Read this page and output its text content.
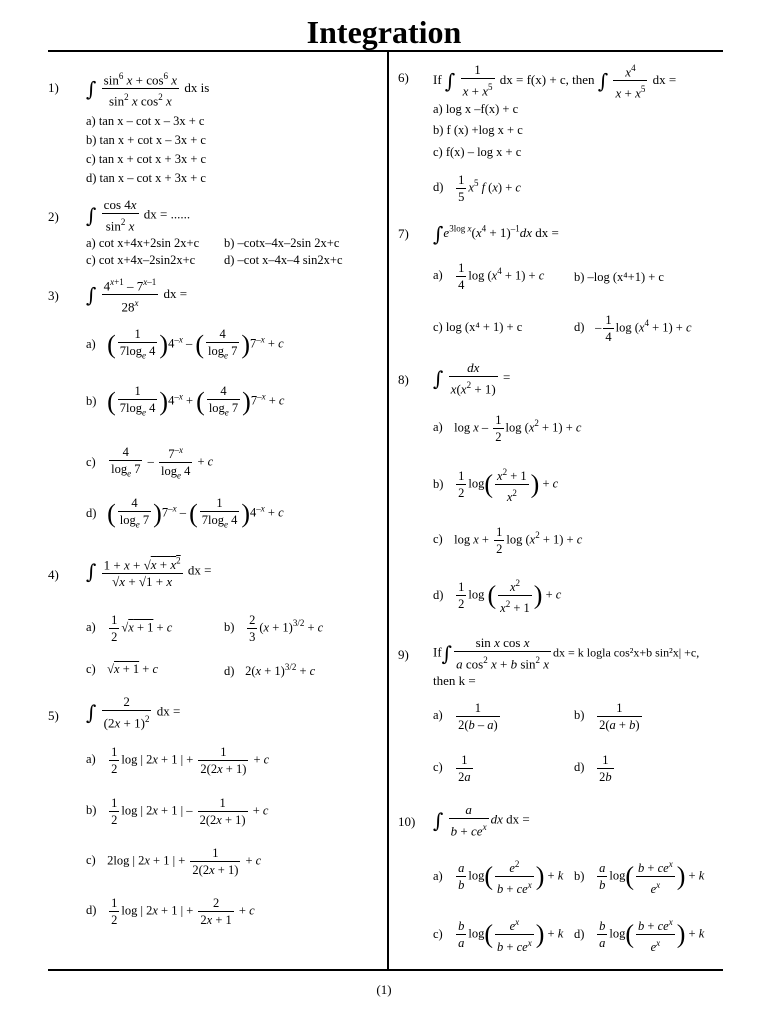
Integration
1) ∫ $\frac{\sin^6 x + \cos^6 x}{\sin^2 x \cos^2 x}$ dx is
a) tan x – cot x – 3x + c
b) tan x + cot x – 3x + c
c) tan x + cot x + 3x + c
d) tan x – cot x + 3x + c
2) ∫ $\frac{\cos 4x}{\sin^2 x}$ dx = ......
a) cot x+4x+2sin 2x+c b) –cotx–4x–2sin 2x+c
c) cot x+4x–2sin2x+c d) –cot x–4x–4 sin2x+c
3) ∫ $\frac{4^{x+1} - 7^{x-1}}{28^x}$ dx =
a) ( $\frac{1}{7\log_e 4} )4^{-x}$ – ( $\frac{4}{\log_e 7} )7^{-x} + c$
b) ( $\frac{1}{7\log_e 4} )4^{-x}$ + ( $\frac{4}{\log_e 7} )7^{-x} + c$
$c) \frac{4}{\log_e 7} - \frac{7^{-x}}{\log_e 4} + c$
d) ( $\frac{4}{\log_e 7} )7^{-x}$ – ( $\frac{1}{7\log_e 4} )4^{-x} + c$
4) ∫ $\frac{1 + x + √x + x^2}{√x + √1 + x}$ dx =
$a) \frac{1}{2} √x + 1 + c$	$b) \frac{2}{3} (x + 1)^{3/2} + c$
c) √x + 1 + c	d) $2(x + 1)^{3/2} + c$
5) ∫ $\frac{2}{(2x + 1)^2}$ dx =
$a) \frac{1}{2}$ log | 2x + 1 | + $\frac{1}{2(2x + 1)} + c$
$b) \frac{1}{2}$ log | 2x + 1 | – $\frac{1}{2(2x + 1)} + c$
c) 2log | 2x + 1 | + $\frac{1}{2(2x + 1)} + c$
$d) \frac{1}{2}$ log | 2x + 1 | + $\frac{2}{2x + 1} + c$
6) If ∫ $\frac{1}{x + x^5}$ dx = f(x) + c, then ∫ $\frac{x^4}{x + x^5}$ dx =
a) log x –f(x) + c
b) f (x) +log x + c
c) f(x) – log x + c
$d) \frac{1}{5} x^5$ f (x) + c
7) $\int e^{3log x}(x^4 + 1)^{-1}dx$ dx =
$a) \frac{1}{4}$ $\log (x^4 + 1) + c$ b) –log (x⁴+1) + c
c) log (x⁴ + 1) + c	$d) - \frac{1}{4}$ $\log (x^4 + 1) + c$
8) ∫ $\frac{dx}{x(x^2 + 1)}$ =
a) log x – $\frac{1}{2}$ $\log (x^2 + 1) + c$
$b) \frac{1}{2} \log( \frac{x^2 + 1}{x^2}$ ) + c
c) $\log x + \frac{1}{2}$ $\log (x^2 + 1) + c$
$d) \frac{1}{2}$ log ( $\frac{x^2}{x^2 + 1}$ ) + c
9) $If\int \frac{\text{sin x cos x}}{a \cos^2 x + b \sin^2 x}$ dx = k loglа cos²x+b sin²x| +c,
then k =
$a) \frac{1}{2(b - a)}$	$b) \frac{1}{2(a + b)}$
$c) \frac{1}{2a}$	$d) \frac{1}{2b}$
10) ∫ $\frac{a}{b + ce^x}$ dx dx =
$a) \frac{a}{b} \log( \frac{e^2}{b + ce^x}$ ) + k $b) \frac{a}{b} \log( \frac{b + ce^x}{e^x}$ ) + k
$c) \frac{b}{a} \log( \frac{e^x}{b + ce^x}$ ) + k $d) \frac{b}{a} \log( \frac{b + ce^x}{e^x}$ ) + k
(1)
